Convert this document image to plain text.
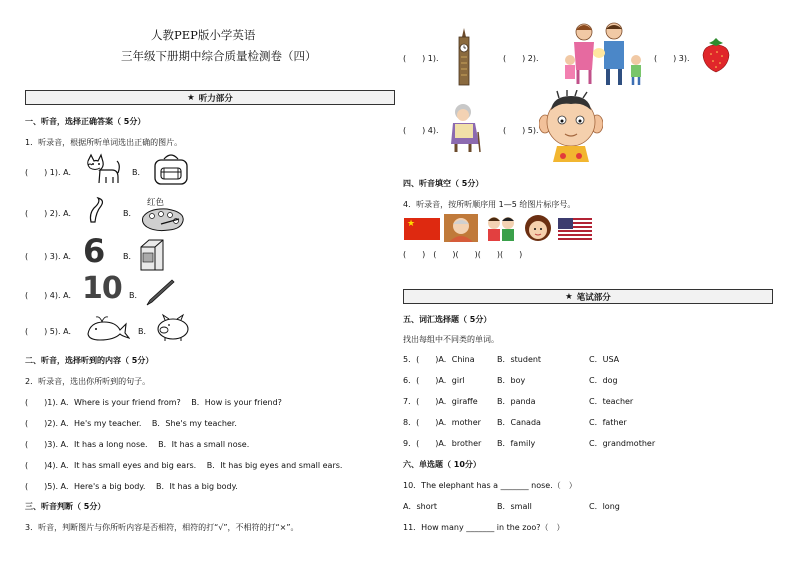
人教PEP版小学英语
三年级下册期中综合质量检测卷（四）
★ 听力部分
一、听音，选择正确答案（ 5分）
1．听录音，根据所听单词选出正确的图片。
(　　) 1). A．	B．
(　　) 2). A．	B．
红色
(　　) 3). A． 6 B．
(　　) 4). A． 10 B．
(　　) 5). A．	B．
二、听音，选择听到的内容（ 5分）
2．听录音，选出你所听到的句子。
(　　)1). A．Where is your friend from?　 B．How is your friend?
(　　)2). A．He's my teacher.　 B．She's my teacher.
(　　)3). A．It has a long nose.　 B．It has a small nose.
(　　)4). A．It has small eyes and big ears.　 B．It has big eyes and small ears.
(　　)5). A．Here's a big body.　 B．It has a big body.
三、听音判断（ 5分）
3．听音，判断图片与你所听内容是否相符，相符的打“√”，不相符的打“×”。
(　　) 1).	(　　) 2).	(　　) 3).
(　　) 4).	(　　) 5).
四、听音填空（ 5分）
4．听录音，按所听顺序用 1—5 给图片标序号。
★
(　　)　(　　)(　　)(　　)(　　)
★ 笔试部分
五、词汇选择题（ 5分）
找出每组中不同类的单词。
5．(　　)A．China	B．student	C．USA
6．(　　)A．girl	B．boy	C．dog
7．(　　)A．giraffe B．panda	C．teacher
8．(　　)A．mother B．Canada	C．father
9．(　　)A．brother B．family	C．grandmother
六、单选题（ 10分）
10．The elephant has a _______ nose.（　）
A．short	B．small	C．long
11．How many _______ in the zoo?（　）
